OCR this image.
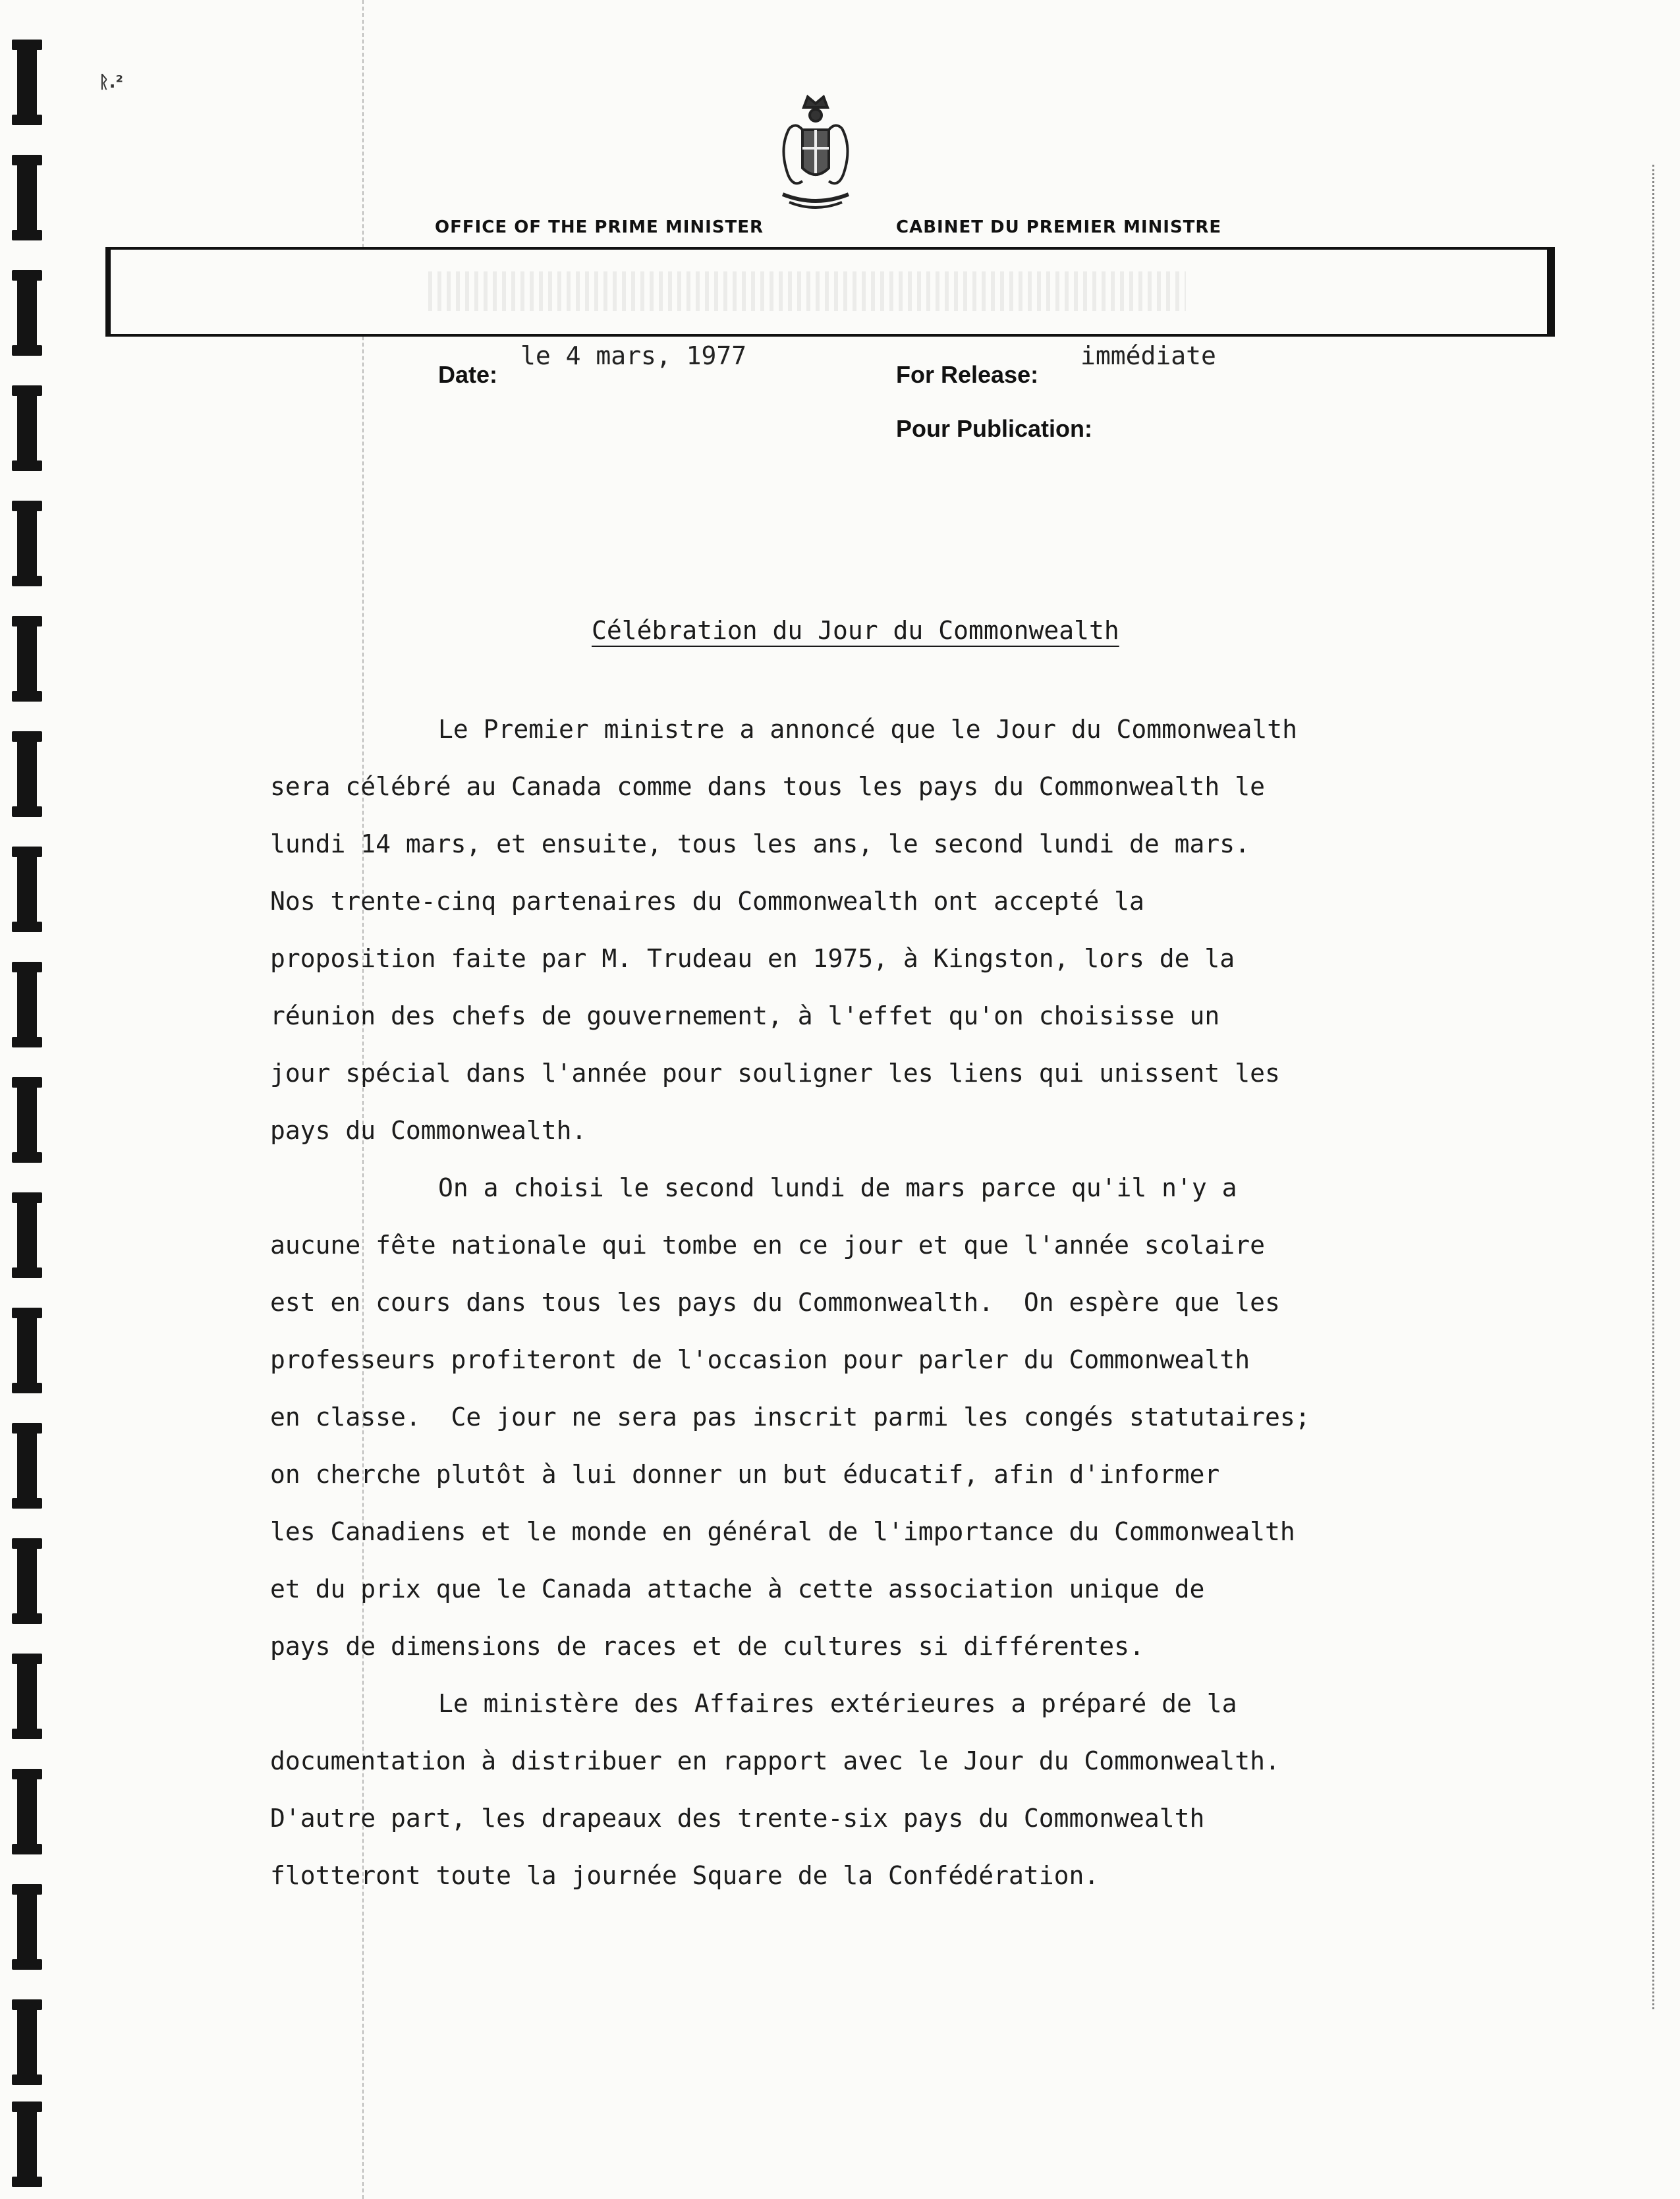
ᚱ.²
OFFICE OF THE PRIME MINISTER	CABINET DU PREMIER MINISTRE
Date:
le 4 mars, 1977
For Release:
immédiate
Pour Publication:
Célébration du Jour du Commonwealth
Le Premier ministre a annoncé que le Jour du Commonwealth
sera célébré au Canada comme dans tous les pays du Commonwealth le
lundi 14 mars, et ensuite, tous les ans, le second lundi de mars.
Nos trente-cinq partenaires du Commonwealth ont accepté la
proposition faite par M. Trudeau en 1975, à Kingston, lors de la
réunion des chefs de gouvernement, à l'effet qu'on choisisse un
jour spécial dans l'année pour souligner les liens qui unissent les
pays du Commonwealth.
On a choisi le second lundi de mars parce qu'il n'y a
aucune fête nationale qui tombe en ce jour et que l'année scolaire
est en cours dans tous les pays du Commonwealth.  On espère que les
professeurs profiteront de l'occasion pour parler du Commonwealth
en classe.  Ce jour ne sera pas inscrit parmi les congés statutaires;
on cherche plutôt à lui donner un but éducatif, afin d'informer
les Canadiens et le monde en général de l'importance du Commonwealth
et du prix que le Canada attache à cette association unique de
pays de dimensions de races et de cultures si différentes.
Le ministère des Affaires extérieures a préparé de la
documentation à distribuer en rapport avec le Jour du Commonwealth.
D'autre part, les drapeaux des trente-six pays du Commonwealth
flotteront toute la journée Square de la Confédération.
